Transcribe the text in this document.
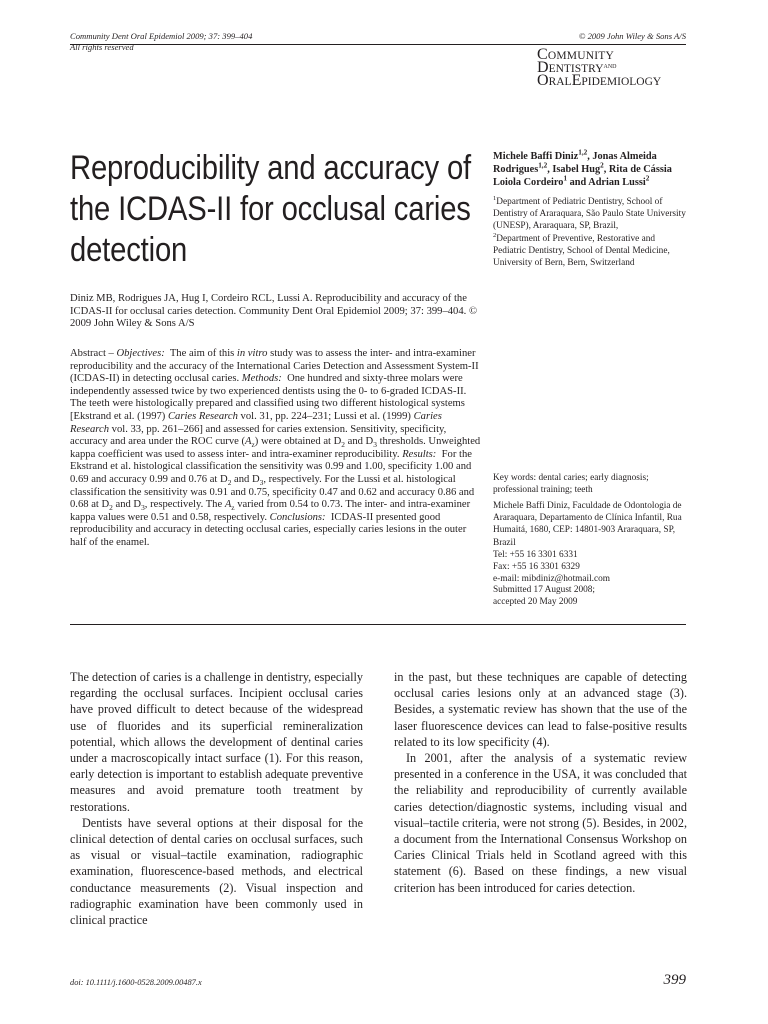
Community Dent Oral Epidemiol 2009; 37: 399–404
All rights reserved
© 2009 John Wiley & Sons A/S
COMMUNITY
$DENTISTRY^{AND}$
ORALEPIDEMIOLOGY
Reproducibility and accuracy of the ICDAS-II for occlusal caries detection
Michele Baffi Diniz$^{1,2}$, Jonas Almeida Rodrigues$^{1,2}$, Isabel Hug$^2$, Rita de Cássia Loiola Cordeiro$^1$ and Adrian Lussi$^2$
$^1$Department of Pediatric Dentistry, School of Dentistry of Araraquara, São Paulo State University (UNESP), Araraquara, SP, Brazil,
$^2$Department of Preventive, Restorative and Pediatric Dentistry, School of Dental Medicine, University of Bern, Bern, Switzerland
Diniz MB, Rodrigues JA, Hug I, Cordeiro RCL, Lussi A. Reproducibility and accuracy of the ICDAS-II for occlusal caries detection. Community Dent Oral Epidemiol 2009; 37: 399–404. © 2009 John Wiley & Sons A/S
Abstract – Objectives:  The aim of this in vitro study was to assess the inter- and intra-examiner reproducibility and the accuracy of the International Caries Detection and Assessment System-II (ICDAS-II) in detecting occlusal caries. Methods:  One hundred and sixty-three molars were independently assessed twice by two experienced dentists using the 0- to 6-graded ICDAS-II. The teeth were histologically prepared and classified using two different histological systems [Ekstrand et al. (1997) Caries Research vol. 31, pp. 224–231; Lussi et al. (1999) Caries Research vol. 33, pp. 261–266] and assessed for caries extension. Sensitivity, specificity, accuracy and area under the ROC curve $(A_z)$ were obtained at $D_2$ and $D_3$ thresholds. Unweighted kappa coefficient was used to assess inter- and intra-examiner reproducibility. Results:  For the Ekstrand et al. histological classification the sensitivity was 0.99 and 1.00, specificity 1.00 and 0.69 and accuracy 0.99 and 0.76 at $D_2$ and $D_3$, respectively. For the Lussi et al. histological classification the sensitivity was 0.91 and 0.75, specificity 0.47 and 0.62 and accuracy 0.86 and 0.68 at $D_2$ and $D_3$, respectively. The $A_z$ varied from 0.54 to 0.73. The inter- and intra-examiner kappa values were 0.51 and 0.58, respectively. Conclusions:  ICDAS-II presented good reproducibility and accuracy in detecting occlusal caries, especially caries lesions in the outer half of the enamel.
Key words: dental caries; early diagnosis; professional training; teeth
Michele Baffi Diniz, Faculdade de Odontologia de Araraquara, Departamento de Clínica Infantil, Rua Humaitá, 1680, CEP: 14801-903 Araraquara, SP, Brazil
Tel: +55 16 3301 6331
Fax: +55 16 3301 6329
e-mail: mibdiniz@hotmail.com
Submitted 17 August 2008;
accepted 20 May 2009

The detection of caries is a challenge in dentistry, especially regarding the occlusal surfaces. Incipient occlusal caries have proved difficult to detect because of the widespread use of fluorides and its superficial remineralization potential, which allows the development of dentinal caries under a macroscopically intact surface (1). For this reason, early detection is important to establish adequate preventive measures and avoid premature tooth treatment by restorations.

Dentists have several options at their disposal for the clinical detection of dental caries on occlusal surfaces, such as visual or visual–tactile examination, radiographic examination, fluorescence-based methods, and electrical conductance measurements (2). Visual inspection and radiographic examination have been commonly used in clinical practice

in the past, but these techniques are capable of detecting occlusal caries lesions only at an advanced stage (3). Besides, a systematic review has shown that the use of the laser fluorescence devices can lead to false-positive results related to its low specificity (4).

In 2001, after the analysis of a systematic review presented in a conference in the USA, it was concluded that the reliability and reproducibility of currently available caries detection/diagnostic systems, including visual and visual–tactile criteria, were not strong (5). Besides, in 2002, a document from the International Consensus Workshop on Caries Clinical Trials held in Scotland agreed with this statement (6). Based on these findings, a new visual criterion has been introduced for caries detection.

doi: 10.1111/j.1600-0528.2009.00487.x	399
